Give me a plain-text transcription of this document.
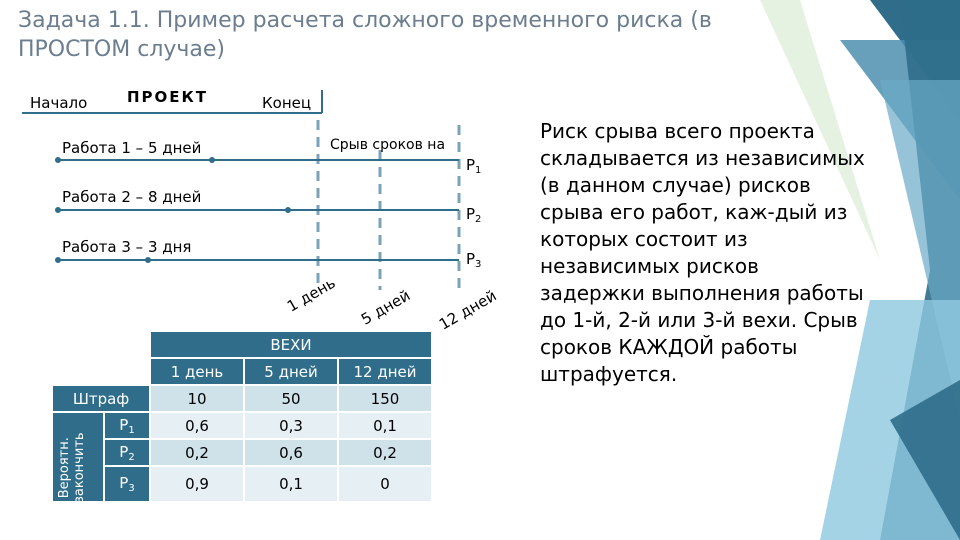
Задача 1.1. Пример расчета сложного временного риска (в ПРОСТОМ случае)
Начало	ПРОЕКТ	Конец
Срыв сроков на
Работа 1 – 5 дней
Работа 2 – 8 дней
Работа 3 – 3 дня
$P_1$
$P_2$
$P_3$
1 день 5 дней 12 дней
		ВЕХИ		
		1 день	5 дней	12 дней
Штраф		10	50	150

Вероятн. закончить	$P_1$	0,6	0,3	0,1
	$P_2$	0,2	0,6	0,2
	$P_3$	0,9	0,1	0
Риск срыва всего проекта складывается из независимых (в данном случае) рисков срыва его работ, каж-дый из которых состоит из независимых рисков задержки выполнения работы до 1-й, 2-й или 3-й вехи. Срыв сроков КАЖДОЙ работы штрафуется.
